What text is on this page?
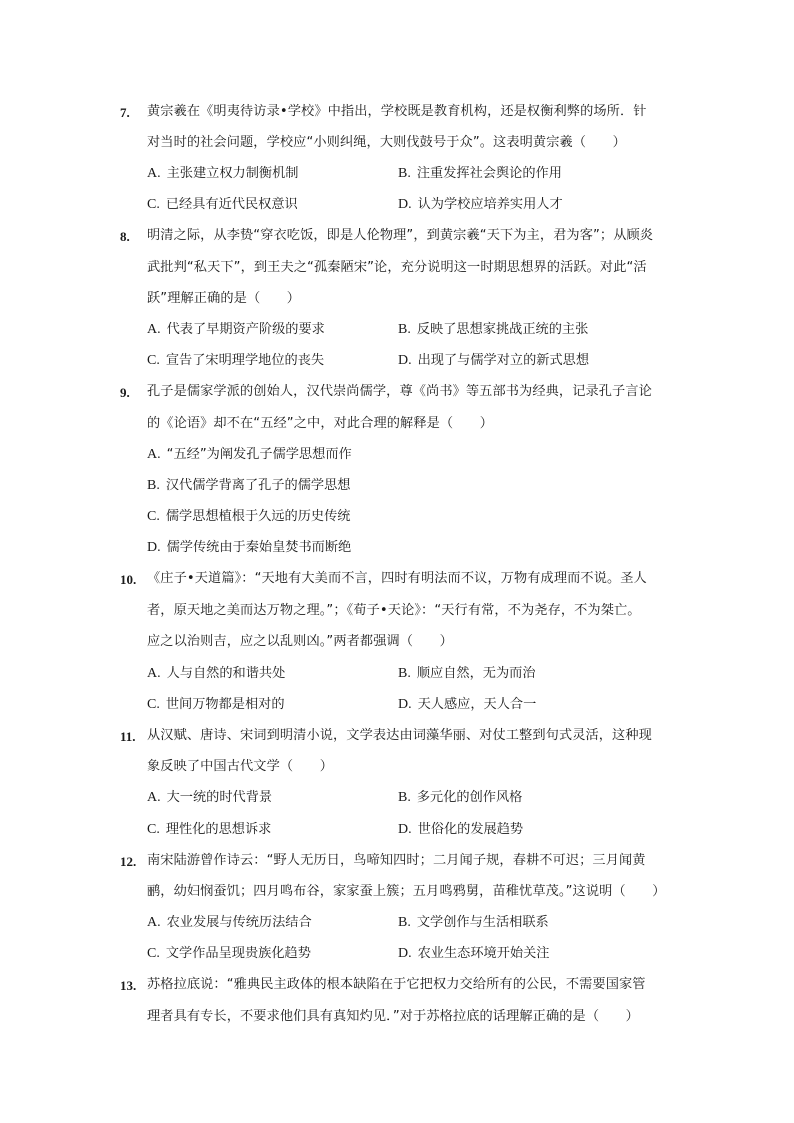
7. 黄宗羲在《明夷待访录•学校》中指出，学校既是教育机构，还是权衡利弊的场所．针
对当时的社会问题，学校应“小则纠绳，大则伐鼓号于众”。这表明黄宗羲（　　）
A. 主张建立权力制衡机制	B. 注重发挥社会舆论的作用
C. 已经具有近代民权意识	D. 认为学校应培养实用人才
8. 明清之际，从李贽“穿衣吃饭，即是人伦物理”，到黄宗羲“天下为主，君为客”；从顾炎
武批判“私天下”，到王夫之“孤秦陋宋”论，充分说明这一时期思想界的活跃。对此“活
跃”理解正确的是（　　）
A. 代表了早期资产阶级的要求	B. 反映了思想家挑战正统的主张
C. 宣告了宋明理学地位的丧失	D. 出现了与儒学对立的新式思想
9. 孔子是儒家学派的创始人，汉代崇尚儒学，尊《尚书》等五部书为经典，记录孔子言论
的《论语》却不在“五经”之中，对此合理的解释是（　　）
A. “五经”为阐发孔子儒学思想而作
B. 汉代儒学背离了孔子的儒学思想
C. 儒学思想植根于久远的历史传统
D. 儒学传统由于秦始皇焚书而断绝
10. 《庄子•天道篇》：“天地有大美而不言，四时有明法而不议，万物有成理而不说。圣人
者，原天地之美而达万物之理。”；《荀子•天论》：“天行有常，不为尧存，不为桀亡。
应之以治则吉，应之以乱则凶。”两者都强调（　　）
A. 人与自然的和谐共处	B. 顺应自然，无为而治
C. 世间万物都是相对的	D. 天人感应，天人合一
11. 从汉赋、唐诗、宋词到明清小说，文学表达由词藻华丽、对仗工整到句式灵活，这种现
象反映了中国古代文学（　　）
A. 大一统的时代背景	B. 多元化的创作风格
C. 理性化的思想诉求	D. 世俗化的发展趋势
12. 南宋陆游曾作诗云：“野人无历日，鸟啼知四时；二月闻子规，春耕不可迟；三月闻黄
鹂，幼妇悯蚕饥；四月鸣布谷，家家蚕上簇；五月鸣鸦舅，苗稚忧草茂。”这说明（　　）
A. 农业发展与传统历法结合	B. 文学创作与生活相联系
C. 文学作品呈现贵族化趋势	D. 农业生态环境开始关注
13. 苏格拉底说：“雅典民主政体的根本缺陷在于它把权力交给所有的公民，不需要国家管
理者具有专长，不要求他们具有真知灼见．”对于苏格拉底的话理解正确的是（　　）
